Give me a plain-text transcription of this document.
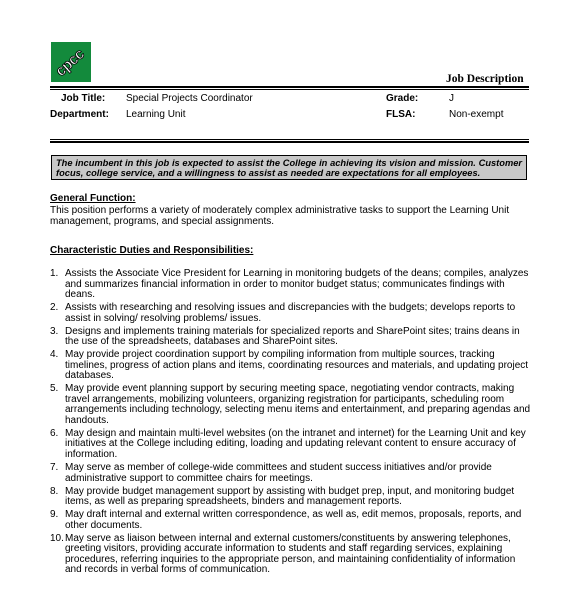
cpcc	Job Description
Job Title: Special Projects Coordinator	Grade:	J
Department: Learning Unit	FLSA:	Non-exempt
The incumbent in this job is expected to assist the College in achieving its vision and mission. Customer focus, college service, and a willingness to assist as needed are expectations for all employees.
General Function:
This position performs a variety of moderately complex administrative tasks to support the Learning Unit management, programs, and special assignments.
Characteristic Duties and Responsibilities:
1. Assists the Associate Vice President for Learning in monitoring budgets of the deans; compiles, analyzes and summarizes financial information in order to monitor budget status; communicates findings with deans.
2. Assists with researching and resolving issues and discrepancies with the budgets; develops reports to assist in solving/ resolving problems/ issues.
3. Designs and implements training materials for specialized reports and SharePoint sites; trains deans in the use of the spreadsheets, databases and SharePoint sites.
4. May provide project coordination support by compiling information from multiple sources, tracking timelines, progress of action plans and items, coordinating resources and materials, and updating project databases.
5. May provide event planning support by securing meeting space, negotiating vendor contracts, making travel arrangements, mobilizing volunteers, organizing registration for participants, scheduling room arrangements including technology, selecting menu items and entertainment, and preparing agendas and handouts.
6. May design and maintain multi-level websites (on the intranet and internet) for the Learning Unit and key initiatives at the College including editing, loading and updating relevant content to ensure accuracy of information.
7. May serve as member of college-wide committees and student success initiatives and/or provide administrative support to committee chairs for meetings.
8. May provide budget management support by assisting with budget prep, input, and monitoring budget items, as well as preparing spreadsheets, binders and management reports.
9. May draft internal and external written correspondence, as well as, edit memos, proposals, reports, and other documents.
10. May serve as liaison between internal and external customers/constituents by answering telephones, greeting visitors, providing accurate information to students and staff regarding services, explaining procedures, referring inquiries to the appropriate person, and maintaining confidentiality of information and records in verbal forms of communication.
